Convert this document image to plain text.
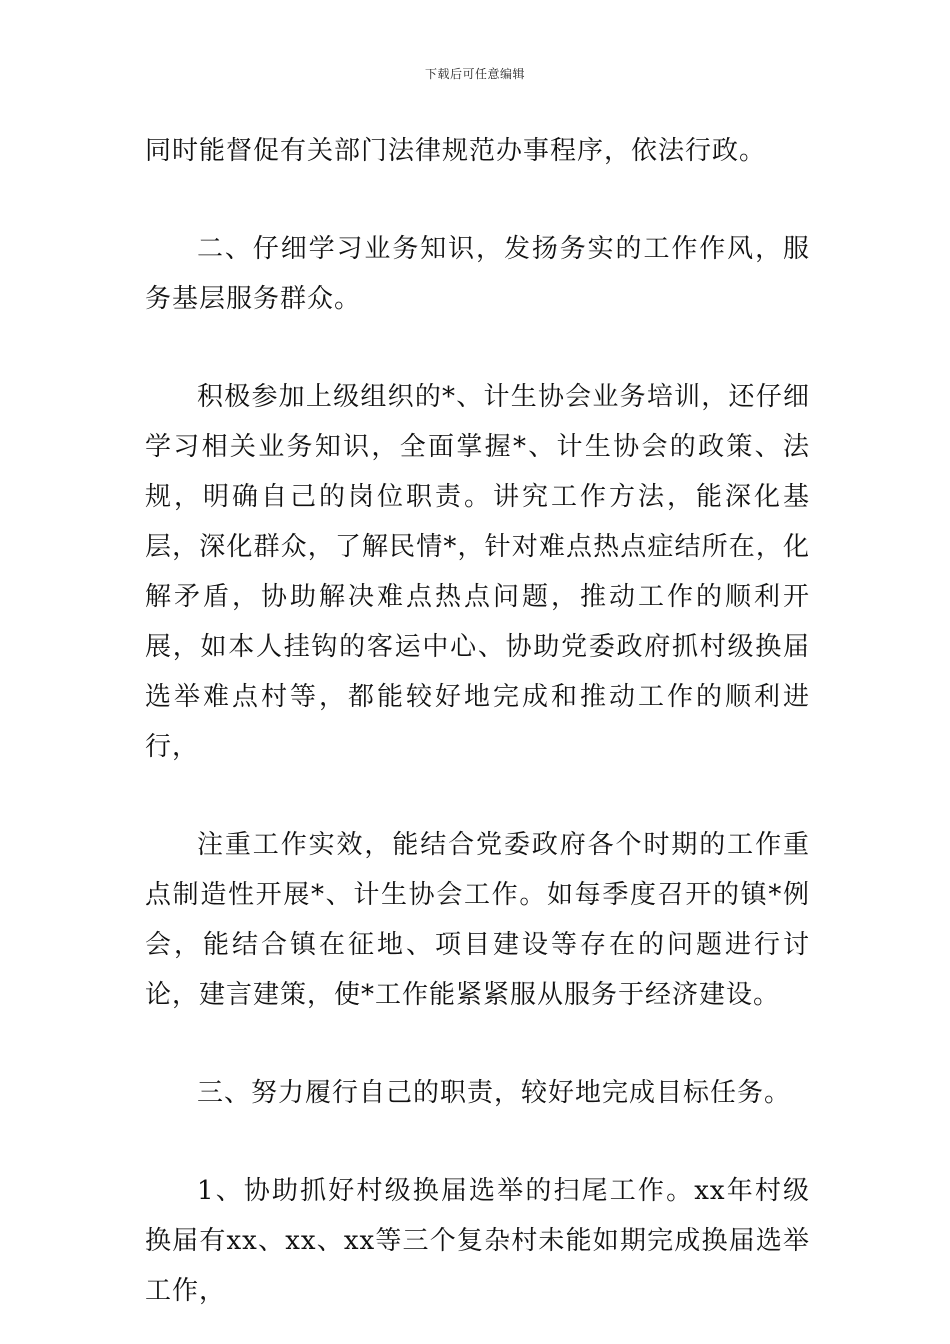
下载后可任意编辑

同时能督促有关部门法律规范办事程序，依法行政。

二、仔细学习业务知识，发扬务实的工作作风，服务基层服务群众。

积极参加上级组织的*、计生协会业务培训，还仔细学习相关业务知识，全面掌握*、计生协会的政策、法规，明确自己的岗位职责。讲究工作方法，能深化基层，深化群众，了解民情*，针对难点热点症结所在，化解矛盾，协助解决难点热点问题，推动工作的顺利开展，如本人挂钩的客运中心、协助党委政府抓村级换届选举难点村等，都能较好地完成和推动工作的顺利进行，

注重工作实效，能结合党委政府各个时期的工作重点制造性开展*、计生协会工作。如每季度召开的镇*例会，能结合镇在征地、项目建设等存在的问题进行讨论，建言建策，使*工作能紧紧服从服务于经济建设。

三、努力履行自己的职责，较好地完成目标任务。

1、协助抓好村级换届选举的扫尾工作。xx年村级换届有xx、xx、xx等三个复杂村未能如期完成换届选举工作，
